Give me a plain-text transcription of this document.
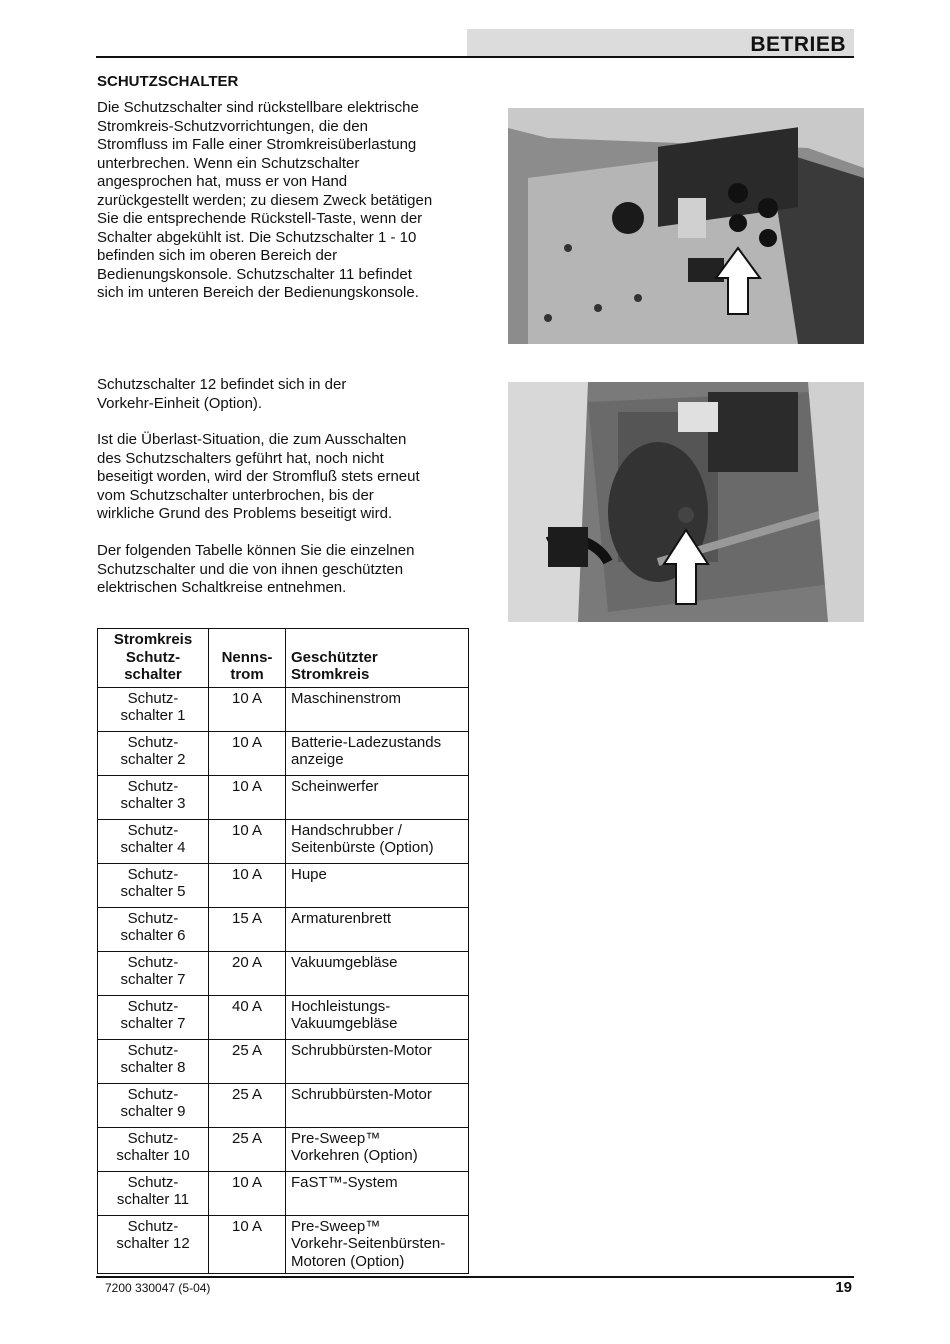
BETRIEB
SCHUTZSCHALTER
Die Schutzschalter sind rückstellbare elektrische
Stromkreis-Schutzvorrichtungen, die den
Stromfluss im Falle einer Stromkreisüberlastung
unterbrechen. Wenn ein Schutzschalter
angesprochen hat, muss er von Hand
zurückgestellt werden; zu diesem Zweck betätigen
Sie die entsprechende Rückstell-Taste, wenn der
Schalter abgekühlt ist. Die Schutzschalter 1 - 10
befinden sich im oberen Bereich der
Bedienungskonsole. Schutzschalter 11 befindet
sich im unteren Bereich der Bedienungskonsole.
Schutzschalter 12 befindet sich in der
Vorkehr-Einheit (Option).
Ist die Überlast-Situation, die zum Ausschalten
des Schutzschalters geführt hat, noch nicht
beseitigt worden, wird der Stromfluß stets erneut
vom Schutzschalter unterbrochen, bis der
wirkliche Grund des Problems beseitigt wird.
Der folgenden Tabelle können Sie die einzelnen
Schutzschalter und die von ihnen geschützten
elektrischen Schaltkreise entnehmen.
Stromkreis
Schutz-
schalter	Nenns-
trom	Geschützter
Stromkreis
Schutz-
schalter 1	10 A	Maschinenstrom
Schutz-
schalter 2	10 A	Batterie-Ladezustands
anzeige
Schutz-
schalter 3	10 A	Scheinwerfer
Schutz-
schalter 4	10 A	Handschrubber /
Seitenbürste (Option)
Schutz-
schalter 5	10 A	Hupe
Schutz-
schalter 6	15 A	Armaturenbrett
Schutz-
schalter 7	20 A	Vakuumgebläse
Schutz-
schalter 7	40 A	Hochleistungs-
Vakuumgebläse
Schutz-
schalter 8	25 A	Schrubbürsten-Motor
Schutz-
schalter 9	25 A	Schrubbürsten-Motor
Schutz-
schalter 10	25 A	Pre-Sweep™
Vorkehren (Option)
Schutz-
schalter 11	10 A	FaST™-System
Schutz-
schalter 12	10 A	Pre-Sweep™
Vorkehr-Seitenbürsten-
Motoren (Option)
7200 330047 (5-04)	19
